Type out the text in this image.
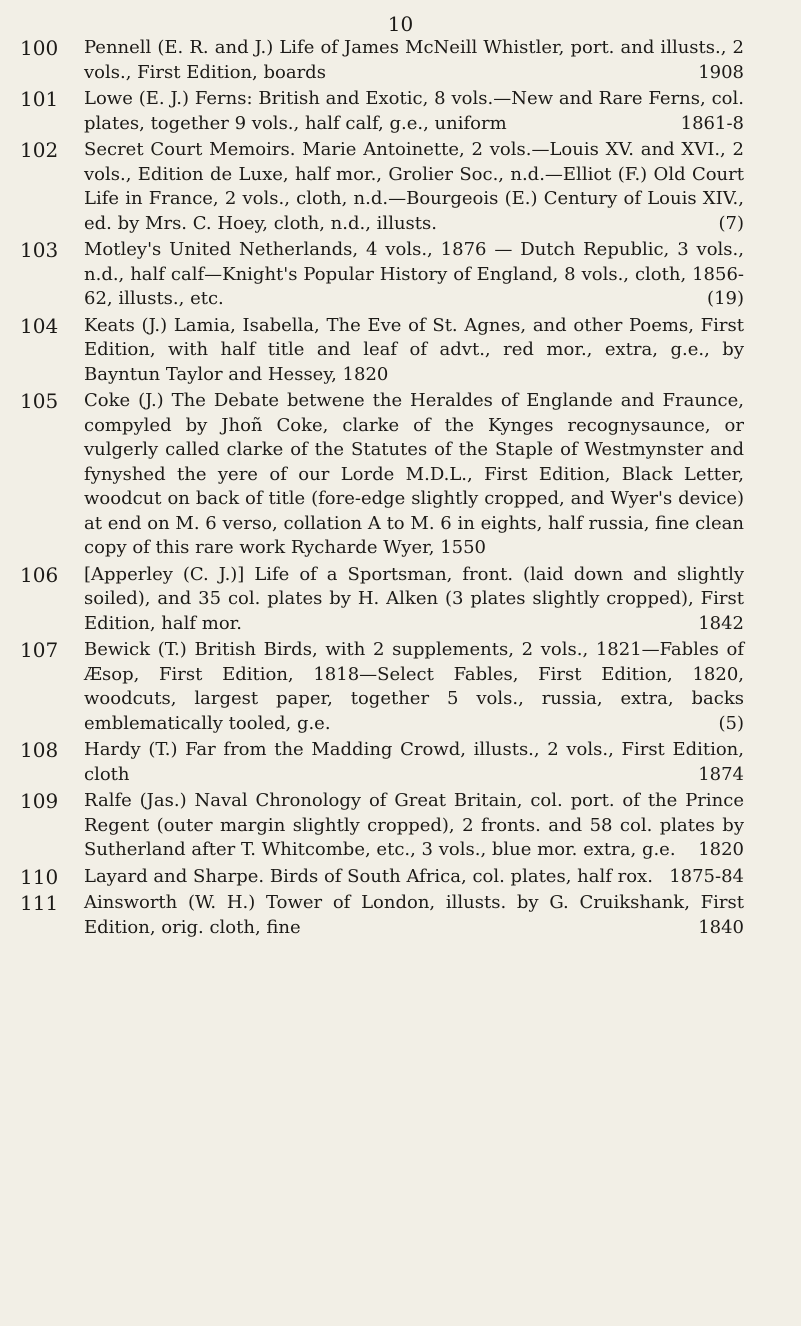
10
100	Pennell (E. R. and J.) Life of James McNeill Whistler, port. and illusts., 2 vols., First Edition, boards	1908
101	Lowe (E. J.) Ferns: British and Exotic, 8 vols.—New and Rare Ferns, col. plates, together 9 vols., half calf, g.e., uniform	1861-8
102	Secret Court Memoirs. Marie Antoinette, 2 vols.—Louis XV. and XVI., 2 vols., Edition de Luxe, half mor., Grolier Soc., n.d.—Elliot (F.) Old Court Life in France, 2 vols., cloth, n.d.—Bourgeois (E.) Century of Louis XIV., ed. by Mrs. C. Hoey, cloth, n.d., illusts.	(7)
103	Motley's United Netherlands, 4 vols., 1876 — Dutch Republic, 3 vols., n.d., half calf—Knight's Popular History of England, 8 vols., cloth, 1856-62, illusts., etc.	(19)
104	Keats (J.) Lamia, Isabella, The Eve of St. Agnes, and other Poems, First Edition, with half title and leaf of advt., red mor., extra, g.e., by Bayntun Taylor and Hessey, 1820
105	Coke (J.) The Debate betwene the Heraldes of Englande and Fraunce, compyled by Jhoñ Coke, clarke of the Kynges recognysaunce, or vulgerly called clarke of the Statutes of the Staple of Westmynster and fynyshed the yere of our Lorde M.D.L., First Edition, Black Letter, woodcut on back of title (fore-edge slightly cropped, and Wyer's device) at end on M. 6 verso, collation A to M. 6 in eights, half russia, fine clean copy of this rare work Rycharde Wyer, 1550
106	[Apperley (C. J.)] Life of a Sportsman, front. (laid down and slightly soiled), and 35 col. plates by H. Alken (3 plates slightly cropped), First Edition, half mor.	1842
107	Bewick (T.) British Birds, with 2 supplements, 2 vols., 1821—Fables of Æsop, First Edition, 1818—Select Fables, First Edition, 1820, woodcuts, largest paper, together 5 vols., russia, extra, backs emblematically tooled, g.e.	(5)
108	Hardy (T.) Far from the Madding Crowd, illusts., 2 vols., First Edition, cloth	1874
109	Ralfe (Jas.) Naval Chronology of Great Britain, col. port. of the Prince Regent (outer margin slightly cropped), 2 fronts. and 58 col. plates by Sutherland after T. Whitcombe, etc., 3 vols., blue mor. extra, g.e. 1820
110	Layard and Sharpe. Birds of South Africa, col. plates, half rox. 1875-84
111	Ainsworth (W. H.) Tower of London, illusts. by G. Cruikshank, First Edition, orig. cloth, fine	1840
